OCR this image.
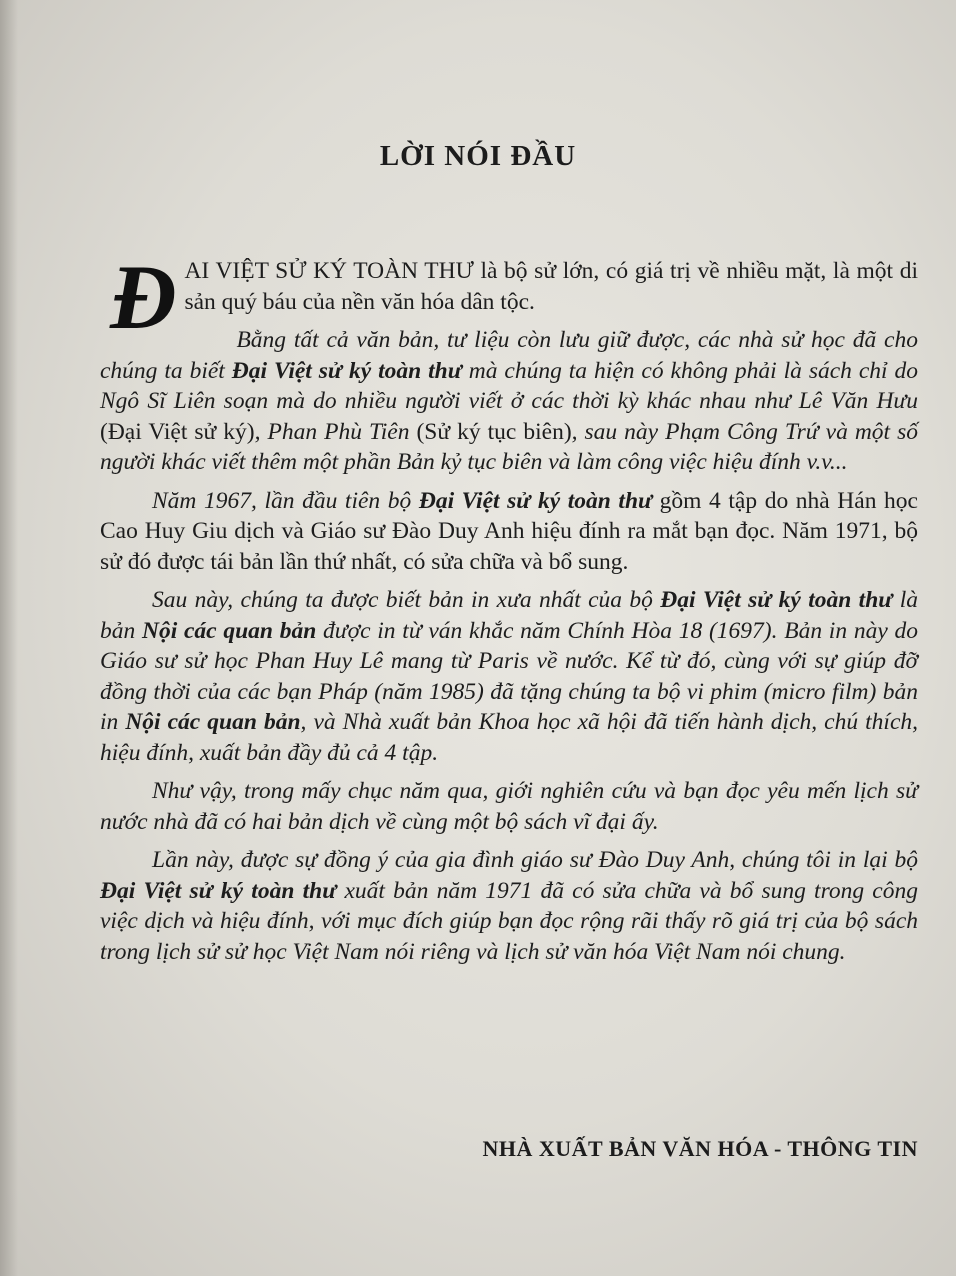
LỜI NÓI ĐẦU

ĐAI VIỆT SỬ KÝ TOÀN THƯ là bộ sử lớn, có giá trị về nhiều mặt, là một di sản quý báu của nền văn hóa dân tộc.

Bằng tất cả văn bản, tư liệu còn lưu giữ được, các nhà sử học đã cho chúng ta biết Đại Việt sử ký toàn thư mà chúng ta hiện có không phải là sách chỉ do Ngô Sĩ Liên soạn mà do nhiều người viết ở các thời kỳ khác nhau như Lê Văn Hưu (Đại Việt sử ký), Phan Phù Tiên (Sử ký tục biên), sau này Phạm Công Trứ và một số người khác viết thêm một phần Bản kỷ tục biên và làm công việc hiệu đính v.v...

Năm 1967, lần đầu tiên bộ Đại Việt sử ký toàn thư gồm 4 tập do nhà Hán học Cao Huy Giu dịch và Giáo sư Đào Duy Anh hiệu đính ra mắt bạn đọc. Năm 1971, bộ sử đó được tái bản lần thứ nhất, có sửa chữa và bổ sung.

Sau này, chúng ta được biết bản in xưa nhất của bộ Đại Việt sử ký toàn thư là bản Nội các quan bản được in từ ván khắc năm Chính Hòa 18 (1697). Bản in này do Giáo sư sử học Phan Huy Lê mang từ Paris về nước. Kể từ đó, cùng với sự giúp đỡ đồng thời của các bạn Pháp (năm 1985) đã tặng chúng ta bộ vi phim (micro film) bản in Nội các quan bản, và Nhà xuất bản Khoa học xã hội đã tiến hành dịch, chú thích, hiệu đính, xuất bản đầy đủ cả 4 tập.

Như vậy, trong mấy chục năm qua, giới nghiên cứu và bạn đọc yêu mến lịch sử nước nhà đã có hai bản dịch về cùng một bộ sách vĩ đại ấy.

Lần này, được sự đồng ý của gia đình giáo sư Đào Duy Anh, chúng tôi in lại bộ Đại Việt sử ký toàn thư xuất bản năm 1971 đã có sửa chữa và bổ sung trong công việc dịch và hiệu đính, với mục đích giúp bạn đọc rộng rãi thấy rõ giá trị của bộ sách trong lịch sử sử học Việt Nam nói riêng và lịch sử văn hóa Việt Nam nói chung.

NHÀ XUẤT BẢN VĂN HÓA - THÔNG TIN
